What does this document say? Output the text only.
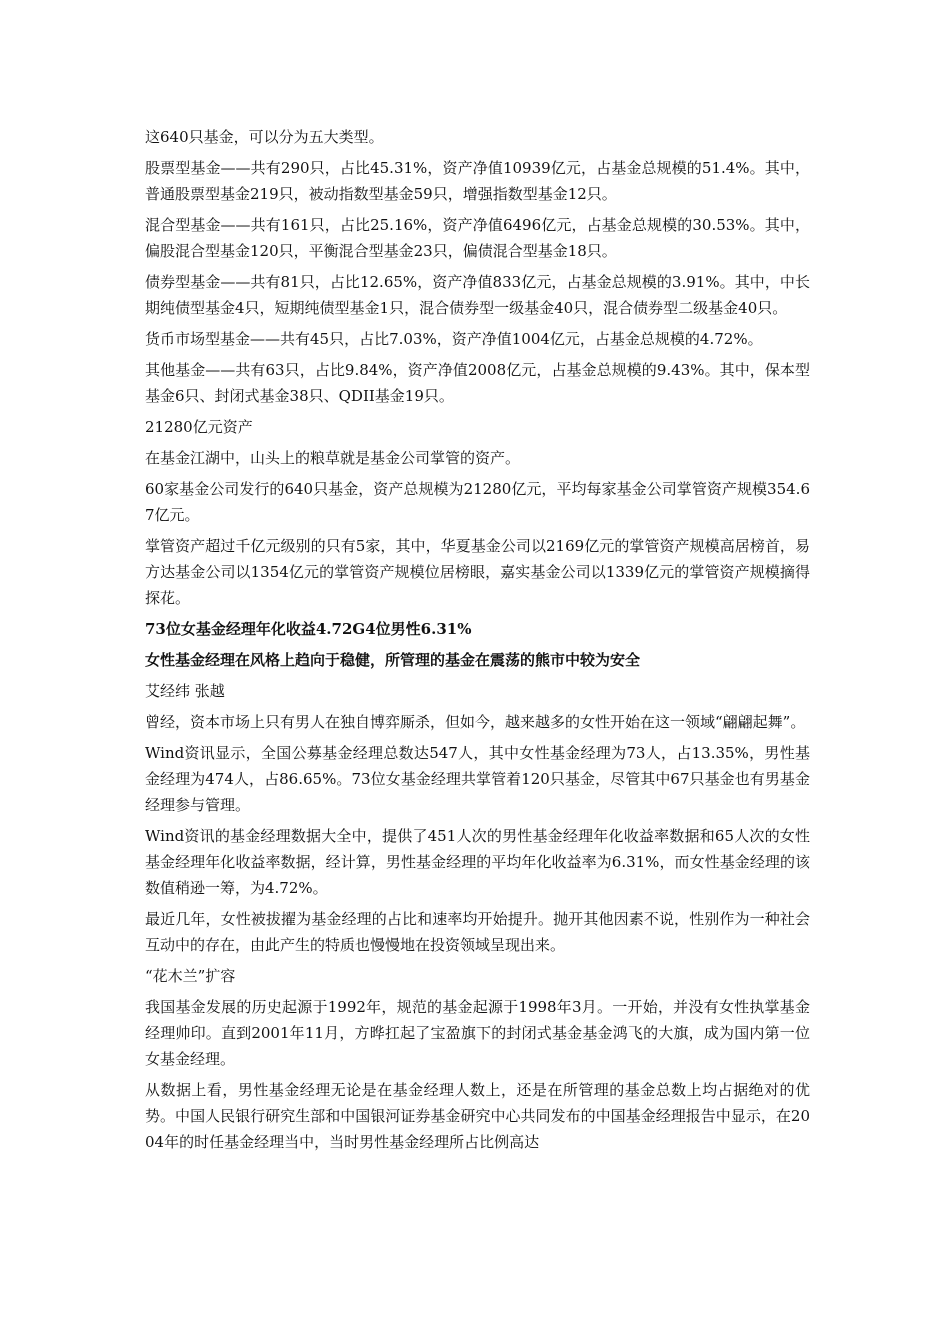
这640只基金，可以分为五大类型。

股票型基金——共有290只，占比45.31%，资产净值10939亿元，占基金总规模的51.4%。其中，普通股票型基金219只，被动指数型基金59只，增强指数型基金12只。

混合型基金——共有161只，占比25.16%，资产净值6496亿元，占基金总规模的30.53%。其中，偏股混合型基金120只，平衡混合型基金23只，偏债混合型基金18只。

债券型基金——共有81只，占比12.65%，资产净值833亿元，占基金总规模的3.91%。其中，中长期纯债型基金4只，短期纯债型基金1只，混合债券型一级基金40只，混合债券型二级基金40只。

货币市场型基金——共有45只，占比7.03%，资产净值1004亿元，占基金总规模的4.72%。

其他基金——共有63只，占比9.84%，资产净值2008亿元，占基金总规模的9.43%。其中，保本型基金6只、封闭式基金38只、QDII基金19只。

21280亿元资产

在基金江湖中，山头上的粮草就是基金公司掌管的资产。

60家基金公司发行的640只基金，资产总规模为21280亿元，平均每家基金公司掌管资产规模354.67亿元。

掌管资产超过千亿元级别的只有5家，其中，华夏基金公司以2169亿元的掌管资产规模高居榜首，易方达基金公司以1354亿元的掌管资产规模位居榜眼，嘉实基金公司以1339亿元的掌管资产规模摘得探花。

73位女基金经理年化收益4.72G4位男性6.31%

女性基金经理在风格上趋向于稳健，所管理的基金在震荡的熊市中较为安全

艾经纬 张越

曾经，资本市场上只有男人在独自博弈厮杀，但如今，越来越多的女性开始在这一领域“翩翩起舞”。

Wind资讯显示，全国公募基金经理总数达547人，其中女性基金经理为73人，占13.35%，男性基金经理为474人，占86.65%。73位女基金经理共掌管着120只基金，尽管其中67只基金也有男基金经理参与管理。

Wind资讯的基金经理数据大全中，提供了451人次的男性基金经理年化收益率数据和65人次的女性基金经理年化收益率数据，经计算，男性基金经理的平均年化收益率为6.31%，而女性基金经理的该数值稍逊一筹，为4.72%。

最近几年，女性被拔擢为基金经理的占比和速率均开始提升。抛开其他因素不说，性别作为一种社会互动中的存在，由此产生的特质也慢慢地在投资领域呈现出来。

“花木兰”扩容

我国基金发展的历史起源于1992年，规范的基金起源于1998年3月。一开始，并没有女性执掌基金经理帅印。直到2001年11月，方晔扛起了宝盈旗下的封闭式基金基金鸿飞的大旗，成为国内第一位女基金经理。

从数据上看，男性基金经理无论是在基金经理人数上，还是在所管理的基金总数上均占据绝对的优势。中国人民银行研究生部和中国银河证券基金研究中心共同发布的中国基金经理报告中显示，在2004年的时任基金经理当中，当时男性基金经理所占比例高达
